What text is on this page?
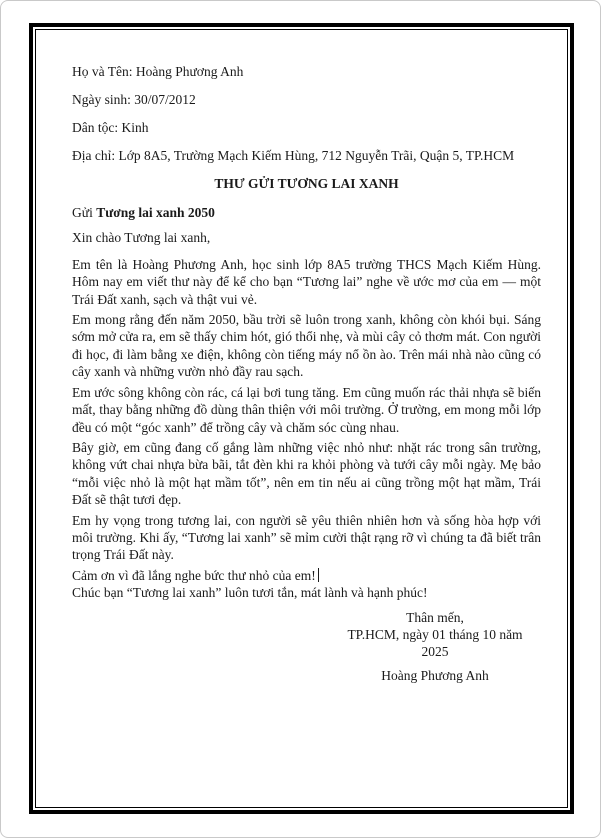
Họ và Tên: Hoàng Phương Anh

Ngày sinh: 30/07/2012

Dân tộc: Kinh

Địa chỉ: Lớp 8A5, Trường Mạch Kiếm Hùng, 712 Nguyễn Trãi, Quận 5, TP.HCM

THƯ GỬI TƯƠNG LAI XANH

Gửi Tương lai xanh 2050

Xin chào Tương lai xanh,

Em tên là Hoàng Phương Anh, học sinh lớp 8A5 trường THCS Mạch Kiếm Hùng. Hôm nay em viết thư này để kể cho bạn “Tương lai” nghe về ước mơ của em — một Trái Đất xanh, sạch và thật vui vẻ.

Em mong rằng đến năm 2050, bầu trời sẽ luôn trong xanh, không còn khói bụi. Sáng sớm mở cửa ra, em sẽ thấy chim hót, gió thổi nhẹ, và mùi cây cỏ thơm mát. Con người đi học, đi làm bằng xe điện, không còn tiếng máy nổ ồn ào. Trên mái nhà nào cũng có cây xanh và những vườn nhỏ đầy rau sạch.

Em ước sông không còn rác, cá lại bơi tung tăng. Em cũng muốn rác thải nhựa sẽ biến mất, thay bằng những đồ dùng thân thiện với môi trường. Ở trường, em mong mỗi lớp đều có một “góc xanh” để trồng cây và chăm sóc cùng nhau.

Bây giờ, em cũng đang cố gắng làm những việc nhỏ như: nhặt rác trong sân trường, không vứt chai nhựa bừa bãi, tắt đèn khi ra khỏi phòng và tưới cây mỗi ngày. Mẹ bảo “mỗi việc nhỏ là một hạt mầm tốt”, nên em tin nếu ai cũng trồng một hạt mầm, Trái Đất sẽ thật tươi đẹp.

Em hy vọng trong tương lai, con người sẽ yêu thiên nhiên hơn và sống hòa hợp với môi trường. Khi ấy, “Tương lai xanh” sẽ mỉm cười thật rạng rỡ vì chúng ta đã biết trân trọng Trái Đất này.

Cảm ơn vì đã lắng nghe bức thư nhỏ của em!

Chúc bạn “Tương lai xanh” luôn tươi tắn, mát lành và hạnh phúc!

Thân mến,
TP.HCM, ngày 01 tháng 10 năm
2025
Hoàng Phương Anh
